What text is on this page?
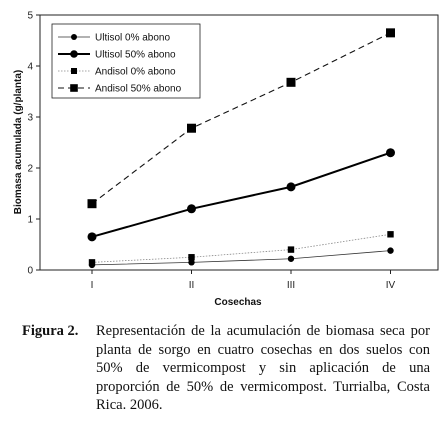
0
1
2
3
4
5
I	II	III	IV
Ultisol 0% abono
Ultisol 50% abono
Andisol 0% abono
Andisol 50% abono
Cosechas
Biomasa acumulada (g/planta)
Figura 2. Representación de la acumulación de biomasa seca por planta de sorgo en cuatro cosechas en dos suelos con 50% de vermicompost y sin aplicación de una proporción de 50% de vermicompost. Turrialba, Costa Rica. 2006.
